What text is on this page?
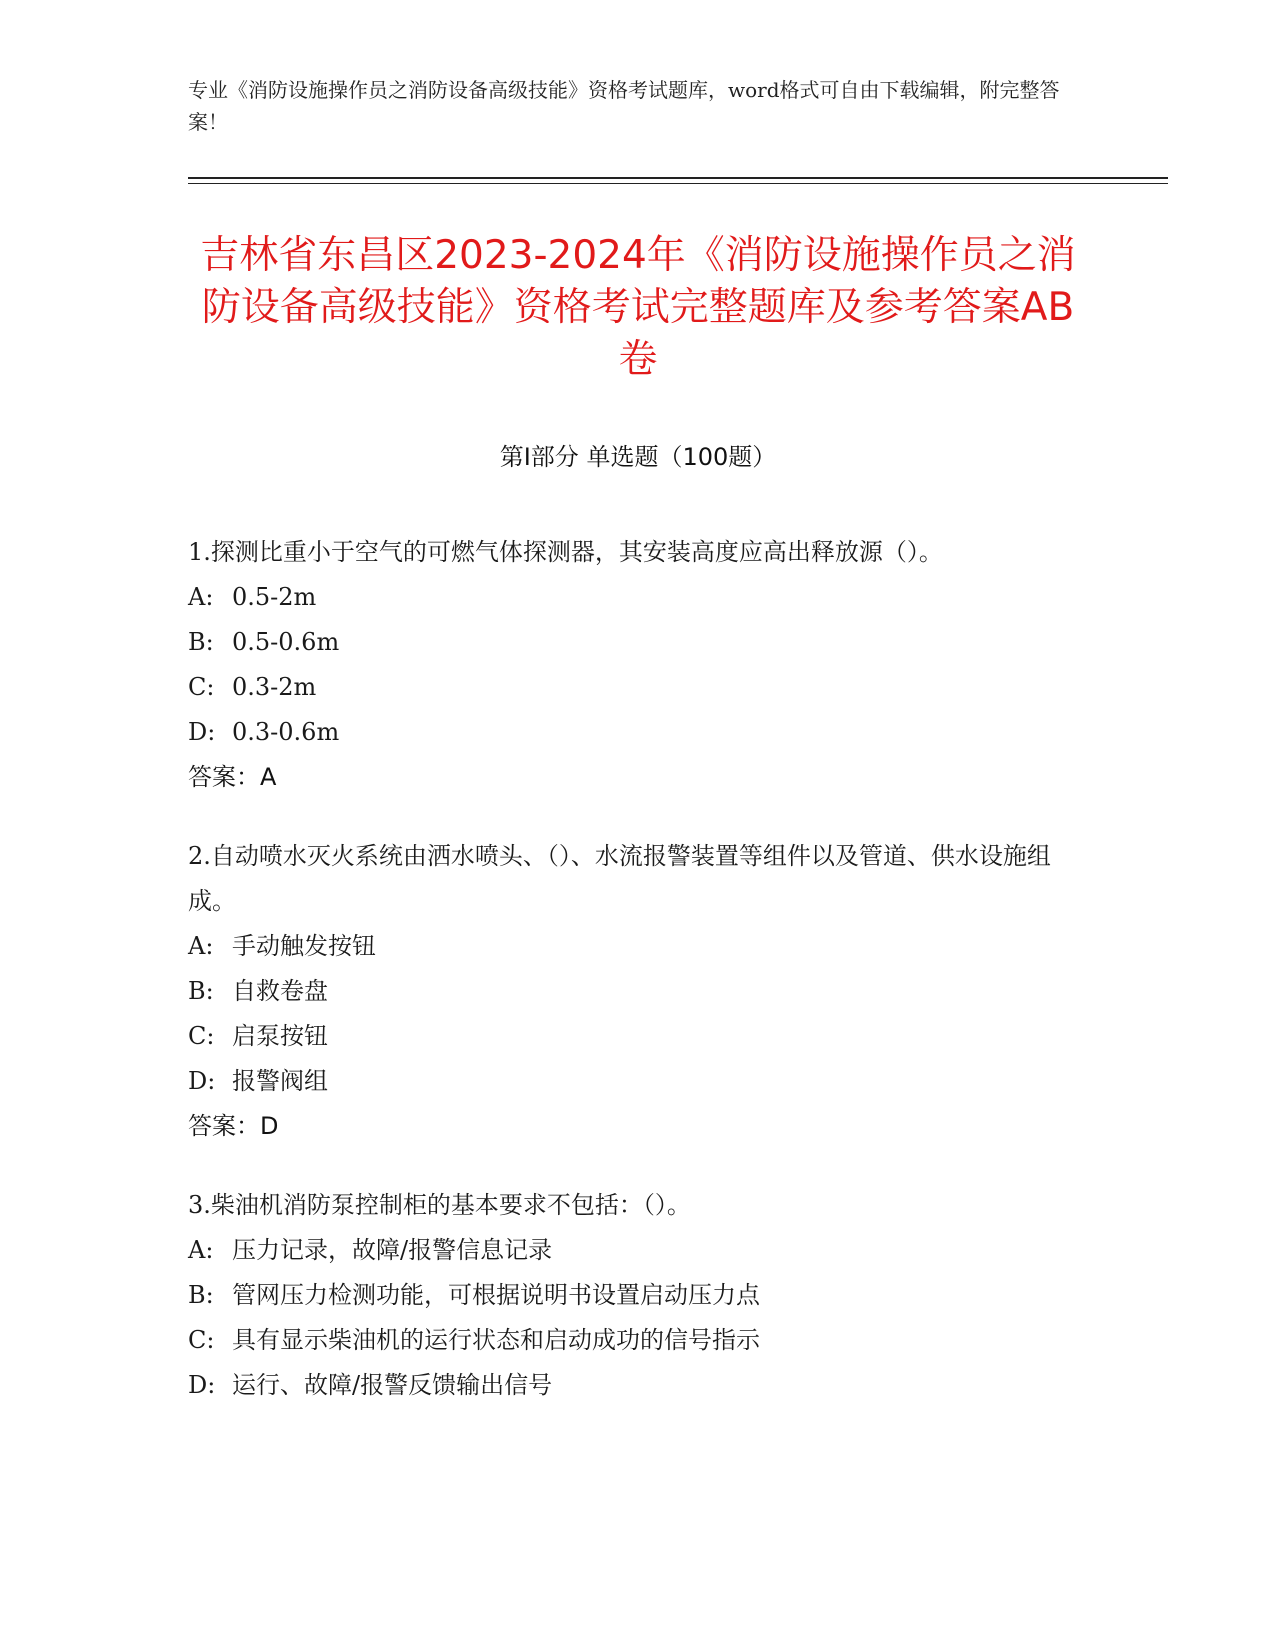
专业《消防设施操作员之消防设备高级技能》资格考试题库，word格式可自由下载编辑，附完整答案！
吉林省东昌区2023-2024年《消防设施操作员之消防设备高级技能》资格考试完整题库及参考答案AB卷
第I部分 单选题（100题）
1.探测比重小于空气的可燃气体探测器，其安装高度应高出释放源（）。
A: 0.5-2m
B: 0.5-0.6m
C: 0.3-2m
D: 0.3-0.6m
答案：A
2.自动喷水灭火系统由洒水喷头、（）、水流报警装置等组件以及管道、供水设施组成。
A: 手动触发按钮
B: 自救卷盘
C: 启泵按钮
D: 报警阀组
答案：D
3.柴油机消防泵控制柜的基本要求不包括：（）。
A: 压力记录，故障/报警信息记录
B: 管网压力检测功能，可根据说明书设置启动压力点
C: 具有显示柴油机的运行状态和启动成功的信号指示
D: 运行、故障/报警反馈输出信号
